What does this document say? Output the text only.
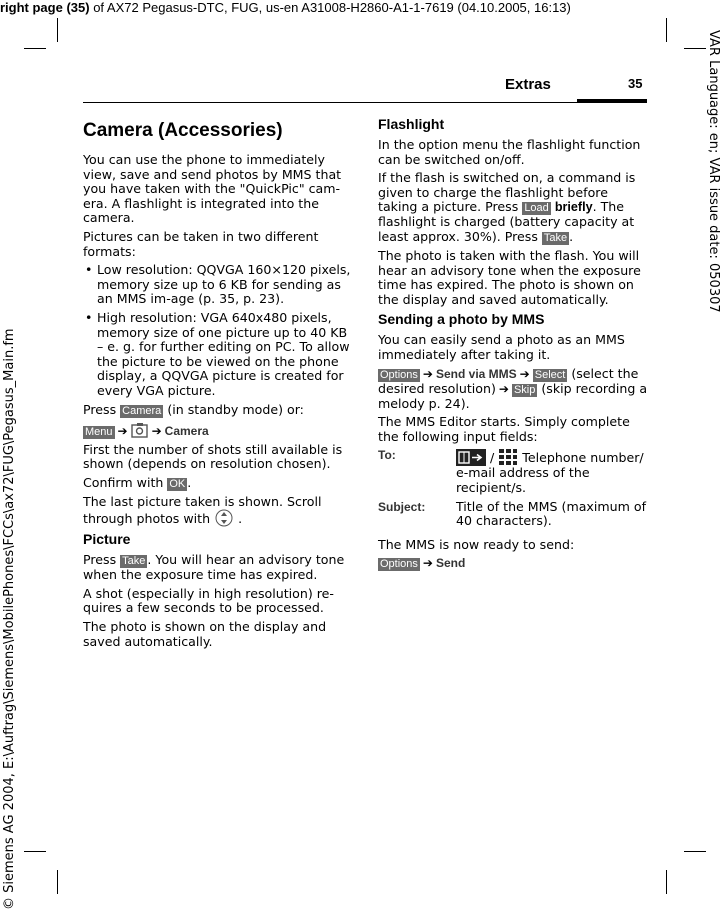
right page (35) of AX72 Pegasus-DTC, FUG, us-en A31008-H2860-A1-1-7619 (04.10.2005, 16:13)
VAR Language: en; VAR issue date: 050307
© Siemens AG 2004, E:\Auftrag\Siemens\MobilePhones\FCCs\ax72\FUG\Pegasus_Main.fm
Extras	35
Camera (Accessories)

You can use the phone to immediately view, save and send photos by MMS that you have taken with the "QuickPic" cam-era. A flashlight is integrated into the camera.

Pictures can be taken in two different formats:

• Low resolution: QQVGA 160×120 pixels, memory size up to 6 KB for sending as an MMS im-age (p. 35, p. 23).
• High resolution: VGA 640x480 pixels, memory size of one picture up to 40 KB – e. g. for further editing on PC. To allow the picture to be viewed on the phone display, a QQVGA picture is created for every VGA picture.

Press Camera (in standby mode) or:

Menu ➔ ➔ Camera

First the number of shots still available is shown (depends on resolution chosen).

Confirm with OK .

The last picture taken is shown. Scroll through photos with .

Picture

Press Take . You will hear an advisory tone when the exposure time has expired.

A shot (especially in high resolution) re-quires a few seconds to be processed.

The photo is shown on the display and saved automatically.

Flashlight

In the option menu the flashlight function can be switched on/off.

If the flash is switched on, a command is given to charge the flashlight before taking a picture. Press Load briefly. The flashlight is charged (battery capacity at least approx. 30%). Press Take .

The photo is taken with the flash. You will hear an advisory tone when the exposure time has expired. The photo is shown on the display and saved automatically.

Sending a photo by MMS

You can easily send a photo as an MMS immediately after taking it.

Options ➔ Send via MMS ➔ Select (select the desired resolution) ➔ Skip (skip recording a melody p. 24).

The MMS Editor starts. Simply complete the following input fields:

To:	/ Telephone number/ e-mail address of the recipient/s.
Subject:	Title of the MMS (maximum of 40 characters).

The MMS is now ready to send:

Options ➔ Send
